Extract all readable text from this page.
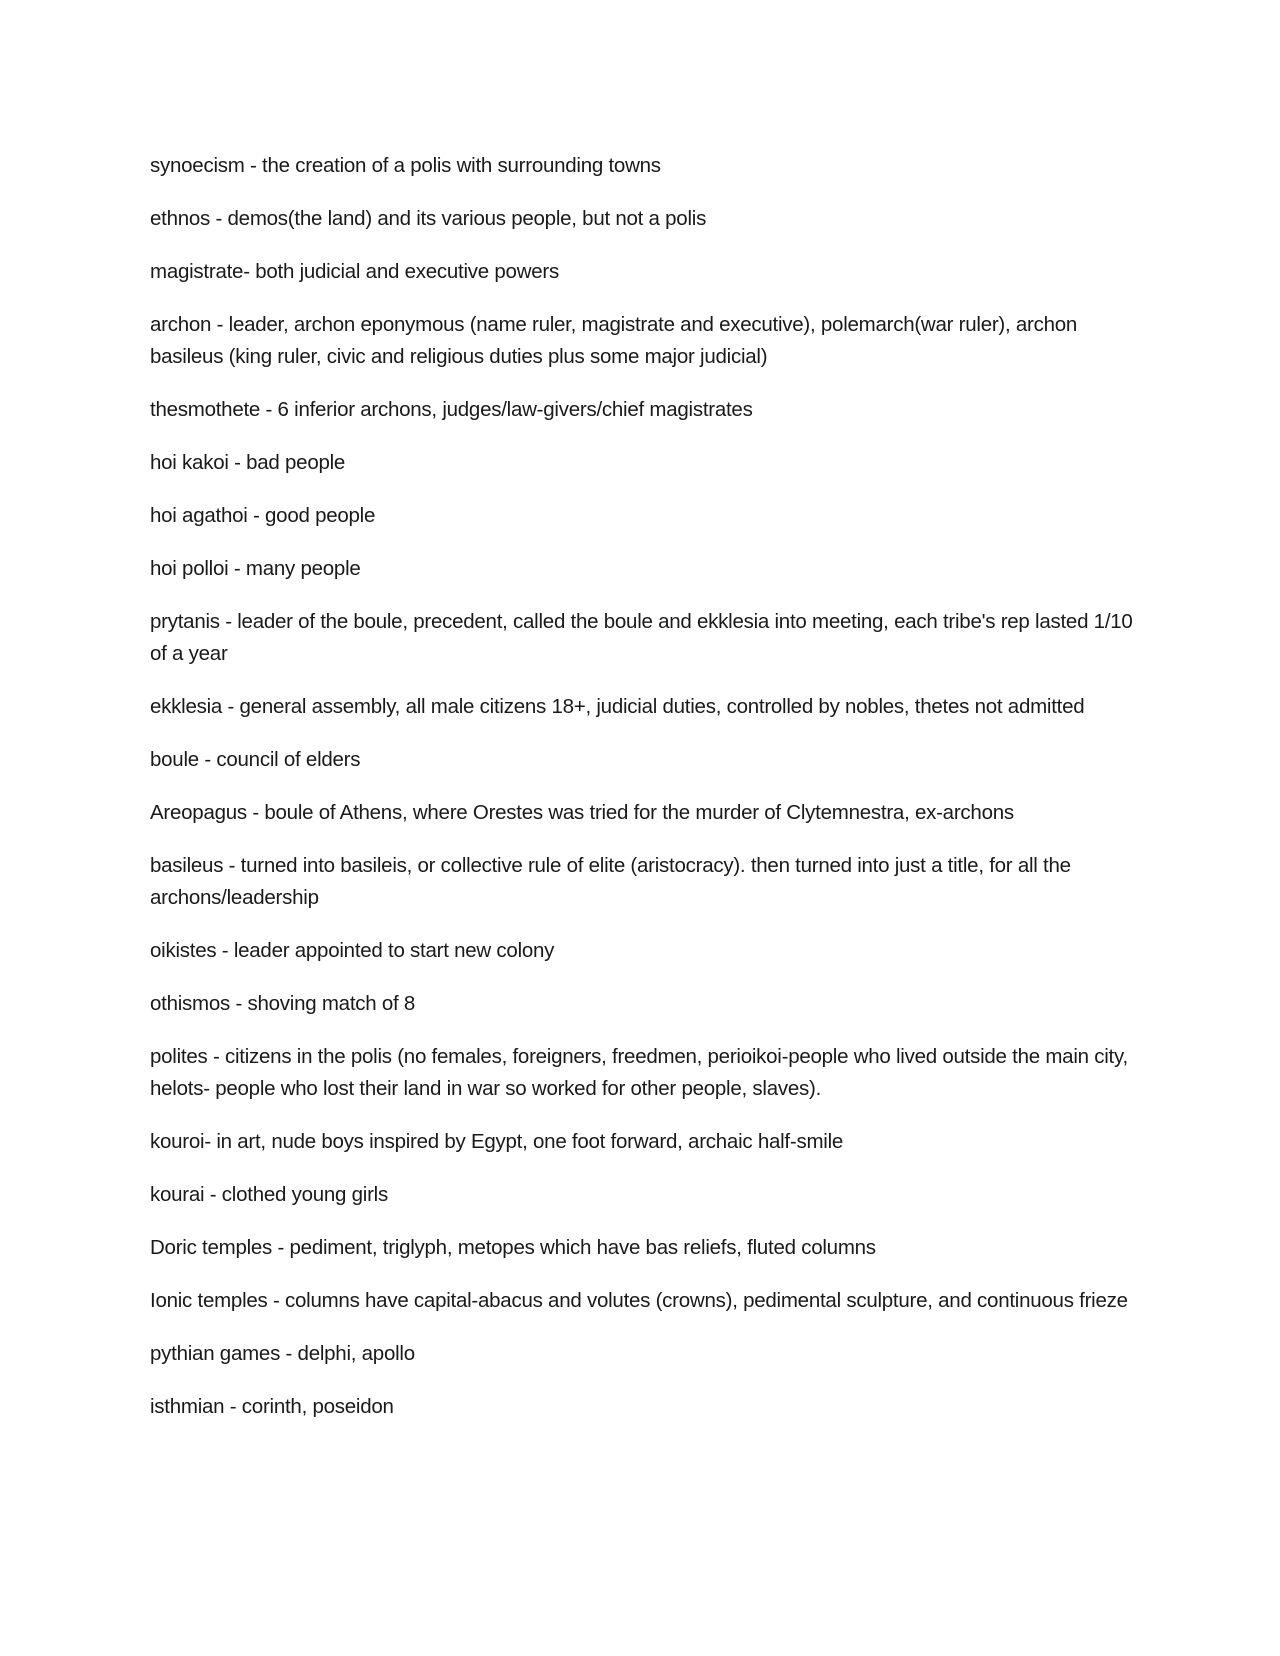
synoecism - the creation of a polis with surrounding towns

ethnos - demos(the land) and its various people, but not a polis

magistrate- both judicial and executive powers

archon - leader, archon eponymous (name ruler, magistrate and executive), polemarch(war ruler), archon basileus (king ruler, civic and religious duties plus some major judicial)

thesmothete - 6 inferior archons, judges/law-givers/chief magistrates

hoi kakoi - bad people

hoi agathoi - good people

hoi polloi - many people

prytanis - leader of the boule, precedent, called the boule and ekklesia into meeting, each tribe's rep lasted 1/10 of a year

ekklesia - general assembly, all male citizens 18+, judicial duties, controlled by nobles, thetes not admitted

boule - council of elders

Areopagus - boule of Athens, where Orestes was tried for the murder of Clytemnestra, ex-archons

basileus - turned into basileis, or collective rule of elite (aristocracy). then turned into just a title, for all the archons/leadership

oikistes - leader appointed to start new colony

othismos - shoving match of 8

polites - citizens in the polis (no females, foreigners, freedmen, perioikoi-people who lived outside the main city, helots- people who lost their land in war so worked for other people, slaves).

kouroi- in art, nude boys inspired by Egypt, one foot forward, archaic half-smile

kourai - clothed young girls

Doric temples - pediment, triglyph, metopes which have bas reliefs, fluted columns

Ionic temples - columns have capital-abacus and volutes (crowns), pedimental sculpture, and continuous frieze

pythian games - delphi, apollo

isthmian - corinth, poseidon
